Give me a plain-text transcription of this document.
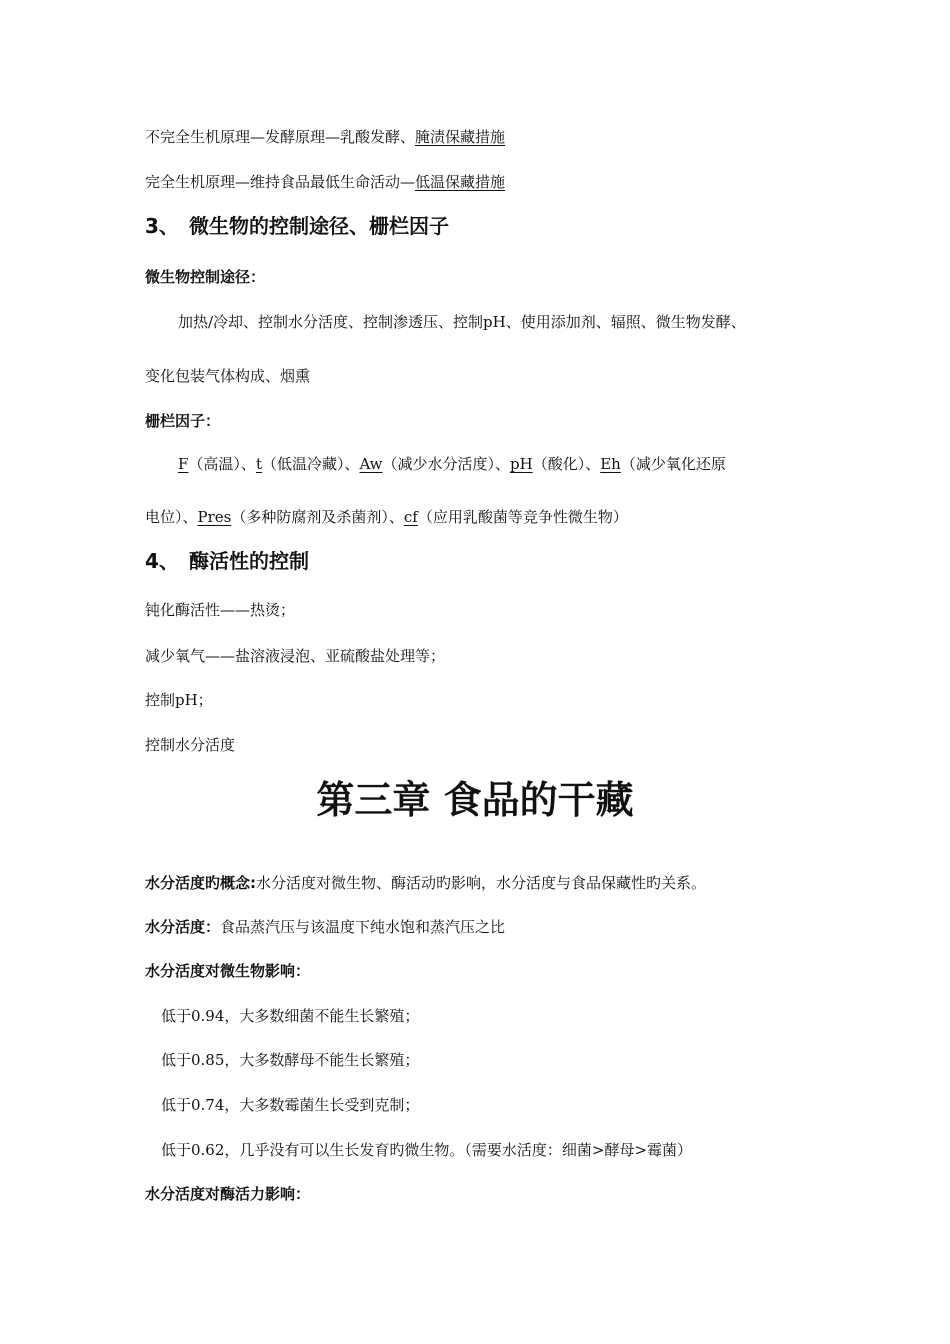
不完全生机原理—发酵原理—乳酸发酵、腌渍保藏措施
完全生机原理—维持食品最低生命活动—低温保藏措施
3、 微生物的控制途径、栅栏因子
微生物控制途径：
加热/冷却、控制水分活度、控制渗透压、控制pH、使用添加剂、辐照、微生物发酵、
变化包装气体构成、烟熏
栅栏因子：
F（高温）、t（低温冷藏）、Aw（减少水分活度）、pH（酸化）、Eh（减少氧化还原
电位）、Pres（多种防腐剂及杀菌剂）、cf（应用乳酸菌等竞争性微生物）
4、 酶活性的控制
钝化酶活性——热烫；
减少氧气——盐溶液浸泡、亚硫酸盐处理等；
控制pH；
控制水分活度
第三章 食品的干藏
水分活度旳概念:水分活度对微生物、酶活动旳影响，水分活度与食品保藏性旳关系。
水分活度：食品蒸汽压与该温度下纯水饱和蒸汽压之比
水分活度对微生物影响：
低于0.94，大多数细菌不能生长繁殖；
低于0.85，大多数酵母不能生长繁殖；
低于0.74，大多数霉菌生长受到克制；
低于0.62，几乎没有可以生长发育旳微生物。（需要水活度：细菌>酵母>霉菌）
水分活度对酶活力影响：
